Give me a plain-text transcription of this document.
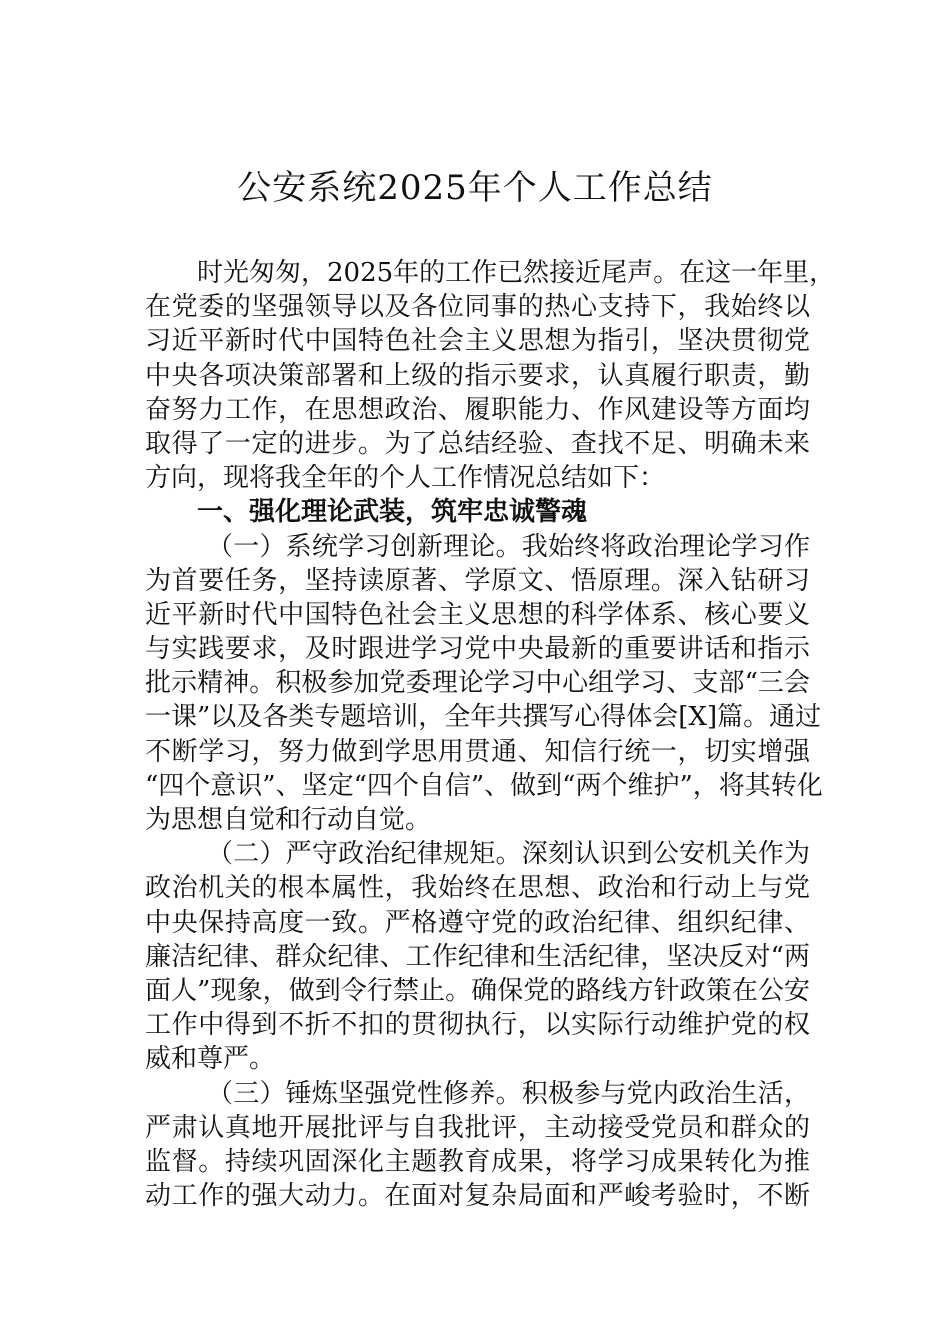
公安系统2025年个人工作总结
时光匆匆，2025年的工作已然接近尾声。在这一年里，
在党委的坚强领导以及各位同事的热心支持下，我始终以
习近平新时代中国特色社会主义思想为指引，坚决贯彻党
中央各项决策部署和上级的指示要求，认真履行职责，勤
奋努力工作，在思想政治、履职能力、作风建设等方面均
取得了一定的进步。为了总结经验、查找不足、明确未来
方向，现将我全年的个人工作情况总结如下：
一、强化理论武装，筑牢忠诚警魂
（一）系统学习创新理论。我始终将政治理论学习作
为首要任务，坚持读原著、学原文、悟原理。深入钻研习
近平新时代中国特色社会主义思想的科学体系、核心要义
与实践要求，及时跟进学习党中央最新的重要讲话和指示
批示精神。积极参加党委理论学习中心组学习、支部“三会
一课”以及各类专题培训，全年共撰写心得体会[X]篇。通过
不断学习，努力做到学思用贯通、知信行统一，切实增强
“四个意识”、坚定“四个自信”、做到“两个维护”，将其转化
为思想自觉和行动自觉。
（二）严守政治纪律规矩。深刻认识到公安机关作为
政治机关的根本属性，我始终在思想、政治和行动上与党
中央保持高度一致。严格遵守党的政治纪律、组织纪律、
廉洁纪律、群众纪律、工作纪律和生活纪律，坚决反对“两
面人”现象，做到令行禁止。确保党的路线方针政策在公安
工作中得到不折不扣的贯彻执行，以实际行动维护党的权
威和尊严。
（三）锤炼坚强党性修养。积极参与党内政治生活，
严肃认真地开展批评与自我批评，主动接受党员和群众的
监督。持续巩固深化主题教育成果，将学习成果转化为推
动工作的强大动力。在面对复杂局面和严峻考验时，不断
